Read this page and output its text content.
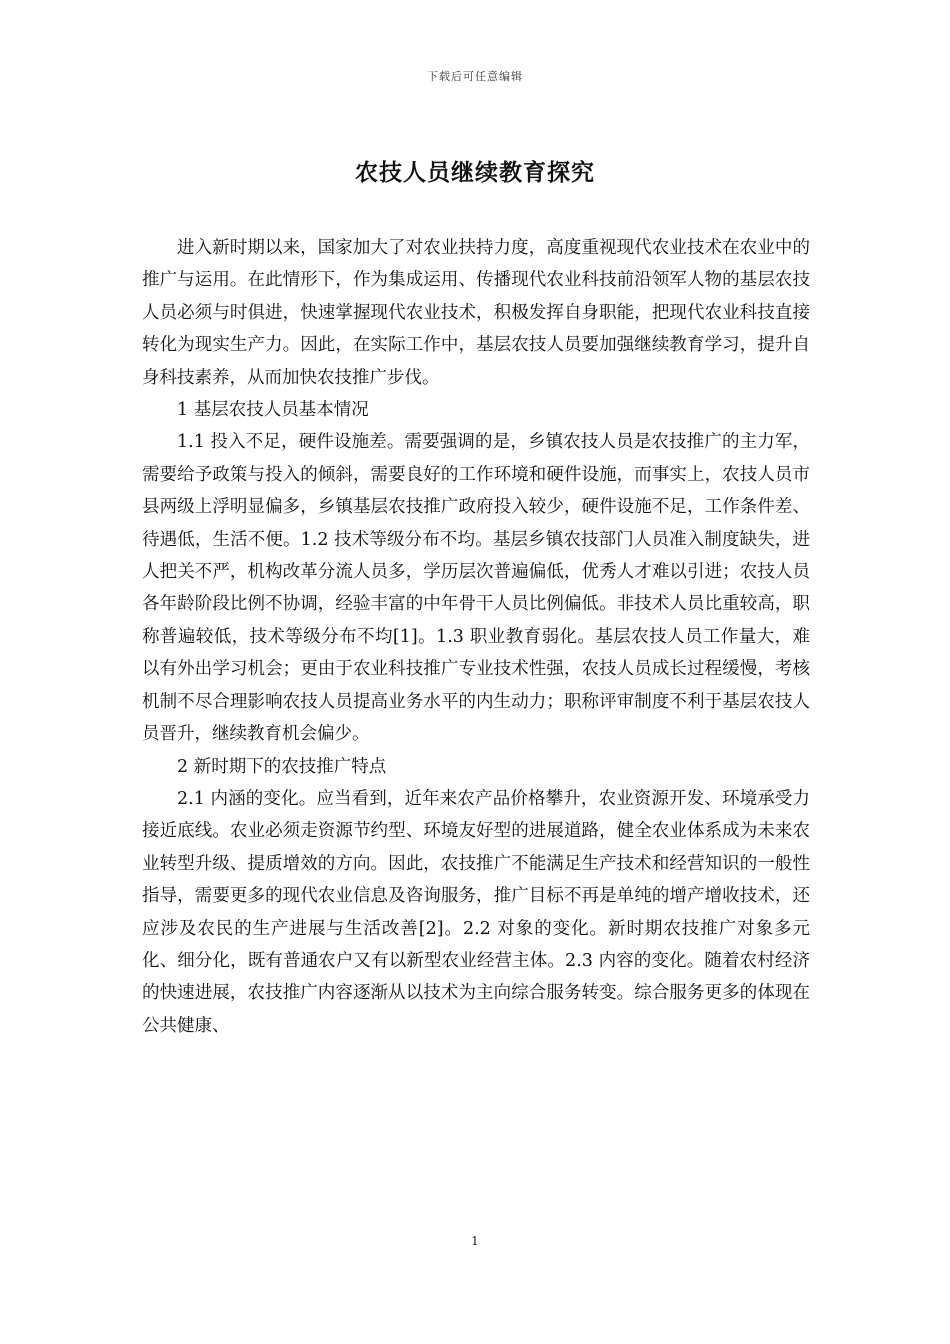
下载后可任意编辑
农技人员继续教育探究

进入新时期以来，国家加大了对农业扶持力度，高度重视现代农业技术在农业中的推广与运用。在此情形下，作为集成运用、传播现代农业科技前沿领军人物的基层农技人员必须与时俱进，快速掌握现代农业技术，积极发挥自身职能，把现代农业科技直接转化为现实生产力。因此，在实际工作中，基层农技人员要加强继续教育学习，提升自身科技素养，从而加快农技推广步伐。

1 基层农技人员基本情况

1.1 投入不足，硬件设施差。需要强调的是，乡镇农技人员是农技推广的主力军，需要给予政策与投入的倾斜，需要良好的工作环境和硬件设施，而事实上，农技人员市县两级上浮明显偏多，乡镇基层农技推广政府投入较少，硬件设施不足，工作条件差、待遇低，生活不便。1.2 技术等级分布不均。基层乡镇农技部门人员准入制度缺失，进人把关不严，机构改革分流人员多，学历层次普遍偏低，优秀人才难以引进；农技人员各年龄阶段比例不协调，经验丰富的中年骨干人员比例偏低。非技术人员比重较高，职称普遍较低，技术等级分布不均[1]。1.3 职业教育弱化。基层农技人员工作量大，难以有外出学习机会；更由于农业科技推广专业技术性强，农技人员成长过程缓慢，考核机制不尽合理影响农技人员提高业务水平的内生动力；职称评审制度不利于基层农技人员晋升，继续教育机会偏少。

2 新时期下的农技推广特点

2.1 内涵的变化。应当看到，近年来农产品价格攀升，农业资源开发、环境承受力接近底线。农业必须走资源节约型、环境友好型的进展道路，健全农业体系成为未来农业转型升级、提质增效的方向。因此，农技推广不能满足生产技术和经营知识的一般性指导，需要更多的现代农业信息及咨询服务，推广目标不再是单纯的增产增收技术，还应涉及农民的生产进展与生活改善[2]。2.2 对象的变化。新时期农技推广对象多元化、细分化，既有普通农户又有以新型农业经营主体。2.3 内容的变化。随着农村经济的快速进展，农技推广内容逐渐从以技术为主向综合服务转变。综合服务更多的体现在公共健康、

1
